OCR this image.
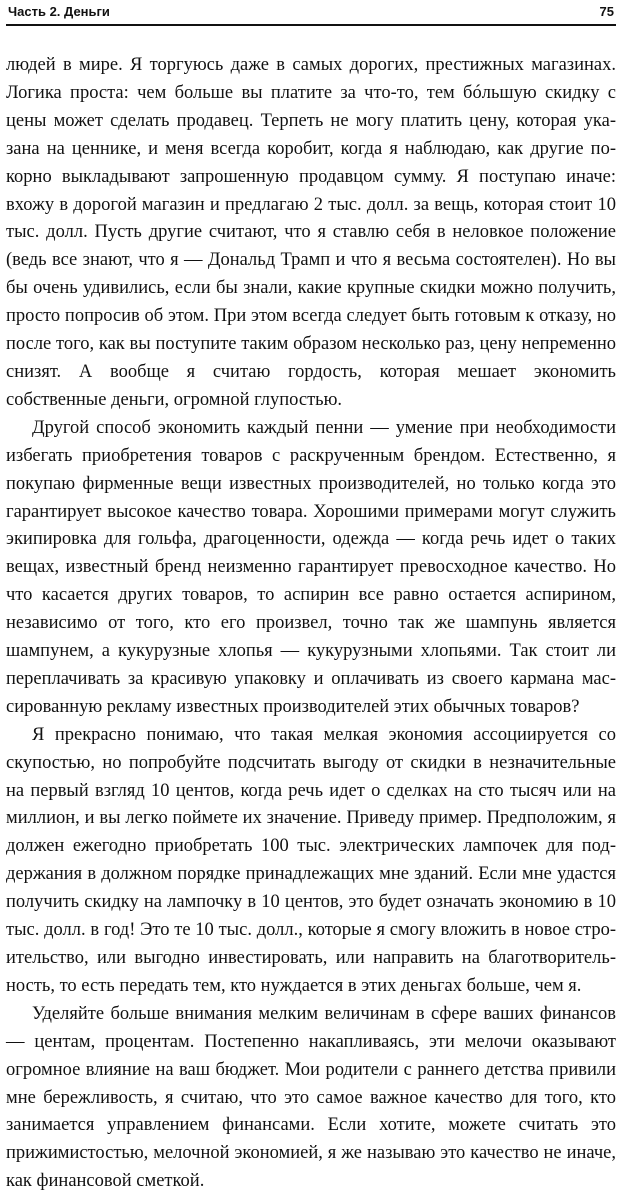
Часть 2. Деньги	75

людей в мире. Я торгуюсь даже в самых дорогих, престижных магазинах. Логика проста: чем больше вы платите за что-то, тем бóльшую скидку с цены может сделать продавец. Терпеть не могу платить цену, которая указана на ценнике, и меня всегда коробит, когда я наблюдаю, как другие покорно выкладывают запрошенную продавцом сумму. Я поступаю иначе: вхожу в дорогой магазин и предлагаю 2 тыс. долл. за вещь, которая стоит 10 тыс. долл. Пусть другие считают, что я ставлю себя в неловкое положение (ведь все знают, что я — Дональд Трамп и что я весьма состоятелен). Но вы бы очень удивились, если бы знали, какие крупные скидки можно получить, просто попросив об этом. При этом всегда следует быть готовым к отказу, но после того, как вы поступите таким образом несколько раз, цену непременно снизят. А вообще я считаю гордость, которая мешает экономить собственные деньги, огромной глупостью.

Другой способ экономить каждый пенни — умение при необходимости избегать приобретения товаров с раскрученным брендом. Естественно, я покупаю фирменные вещи известных производителей, но только когда это гарантирует высокое качество товара. Хорошими примерами могут служить экипировка для гольфа, драгоценности, одежда — когда речь идет о таких вещах, известный бренд неизменно гарантирует превосходное качество. Но что касается других товаров, то аспирин все равно остается аспирином, независимо от того, кто его произвел, точно так же шампунь является шампунем, а кукурузные хлопья — кукурузными хлопьями. Так стоит ли переплачивать за красивую упаковку и оплачивать из своего кармана массированную рекламу известных производителей этих обычных товаров?

Я прекрасно понимаю, что такая мелкая экономия ассоциируется со скупостью, но попробуйте подсчитать выгоду от скидки в незначительные на первый взгляд 10 центов, когда речь идет о сделках на сто тысяч или на миллион, и вы легко поймете их значение. Приведу пример. Предположим, я должен ежегодно приобретать 100 тыс. электрических лампочек для поддержания в должном порядке принадлежащих мне зданий. Если мне удастся получить скидку на лампочку в 10 центов, это будет означать экономию в 10 тыс. долл. в год! Это те 10 тыс. долл., которые я смогу вложить в новое строительство, или выгодно инвестировать, или направить на благотворительность, то есть передать тем, кто нуждается в этих деньгах больше, чем я.

Уделяйте больше внимания мелким величинам в сфере ваших финансов — центам, процентам. Постепенно накапливаясь, эти мелочи оказывают огромное влияние на ваш бюджет. Мои родители с раннего детства привили мне бережливость, я считаю, что это самое важное качество для того, кто занимается управлением финансами. Если хотите, можете считать это прижимистостью, мелочной экономией, я же называю это качество не иначе, как финансовой сметкой.
